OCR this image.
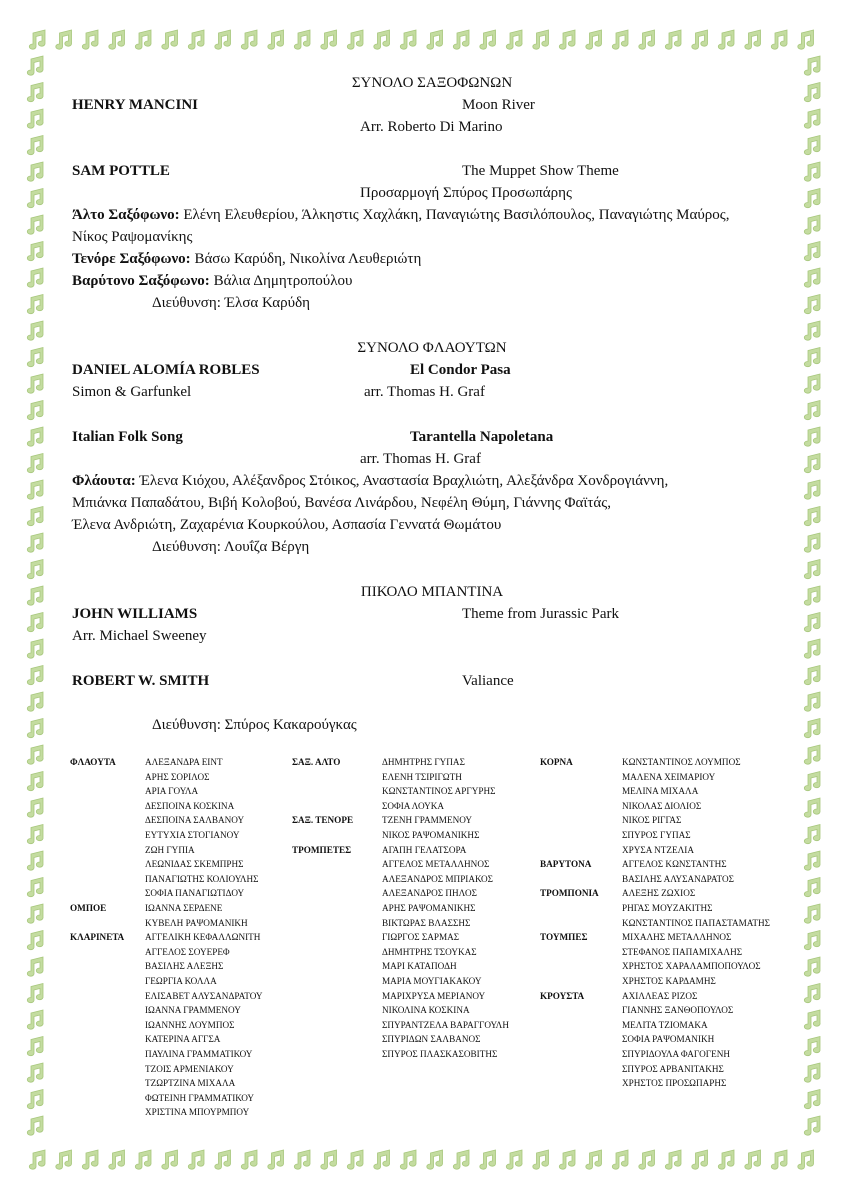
ΣΥΝΟΛΟ ΣΑΞΟΦΩΝΩΝ
HENRY MANCINI	Moon River
Arr. Roberto Di Marino
SAM POTTLE	The Muppet Show Theme
Προσαρμογή Σπύρος Προσωπάρης
Άλτο Σαξόφωνο: Ελένη Ελευθερίου, Άλκηστις Χαχλάκη, Παναγιώτης Βασιλόπουλος, Παναγιώτης Μαύρος,
Νίκος Ραψομανίκης
Τενόρε Σαξόφωνο: Βάσω Καρύδη, Νικολίνα Λευθεριώτη
Βαρύτονο Σαξόφωνο: Βάλια Δημητροπούλου
Διεύθυνση: Έλσα Καρύδη
ΣΥΝΟΛΟ ΦΛΑΟΥΤΩΝ
DANIEL ALOMÍA ROBLES	El Condor Pasa
Simon & Garfunkel	arr. Thomas H. Graf
Italian Folk Song	Tarantella Napoletana
arr. Thomas H. Graf
Φλάουτα: Έλενα Κιόχου, Αλέξανδρος Στόικος, Αναστασία Βραχλιώτη, Αλεξάνδρα Χονδρογιάννη,
Μπιάνκα Παπαδάτου, Βιβή Κολοβού, Βανέσα Λινάρδου, Νεφέλη Θύμη, Γιάννης Φαϊτάς,
Έλενα Ανδριώτη, Ζαχαρένια Κουρκούλου, Ασπασία Γεννατά Θωμάτου
Διεύθυνση: Λουΐζα Βέργη
ΠΙΚΟΛΟ ΜΠΑΝΤΙΝΑ
JOHN WILLIAMS	Theme from Jurassic Park
Arr. Michael Sweeney
ROBERT W. SMITH	Valiance
Διεύθυνση: Σπύρος Κακαρούγκας
ΦΛΑΟΥΤΑ	ΑΛΕΞΑΝΔΡΑ ΕΙΝΤ
ΑΡΗΣ ΣΟΡΙΛΟΣ
ΑΡΙΑ ΓΟΥΛΑ
ΔΕΣΠΟΙΝΑ ΚΟΣΚΙΝΑ
ΔΕΣΠΟΙΝΑ ΣΑΛΒΑΝΟΥ
ΕΥΤΥΧΙΑ ΣΤΟΓΙΑΝΟΥ
ΖΩΗ ΓΥΠΙΑ
ΛΕΩΝΙΔΑΣ ΣΚΕΜΠΡΗΣ
ΠΑΝΑΓΙΩΤΗΣ ΚΟΛΙΟΥΛΗΣ
ΣΟΦΙΑ ΠΑΝΑΓΙΩΤΙΔΟΥ
ΟΜΠΟΕ	ΙΩΑΝΝΑ ΣΕΡΔΕΝΕ
ΚΥΒΕΛΗ ΡΑΨΟΜΑΝΙΚΗ
ΚΛΑΡΙΝΕΤΑ ΑΓΓΕΛΙΚΗ ΚΕΦΑΛΛΩΝΙΤΗ
ΑΓΓΕΛΟΣ ΣΟΥΕΡΕΦ
ΒΑΣΙΛΗΣ ΑΛΕΞΗΣ
ΓΕΩΡΓΙΑ ΚΟΛΛΑ
ΕΛΙΣΑΒΕΤ ΑΛΥΣΑΝΔΡΑΤΟΥ
ΙΩΑΝΝΑ ΓΡΑΜΜΕΝΟΥ
ΙΩΑΝΝΗΣ ΛΟΥΜΠΟΣ
ΚΑΤΕΡΙΝΑ ΑΓΓΣΑ
ΠΑΥΛΙΝΑ ΓΡΑΜΜΑΤΙΚΟΥ
ΤΖΟΙΣ ΑΡΜΕΝΙΑΚΟΥ
ΤΖΩΡΤΖΙΝΑ ΜΙΧΑΛΑ
ΦΩΤΕΙΝΗ ΓΡΑΜΜΑΤΙΚΟΥ
ΧΡΙΣΤΙΝΑ ΜΠΟΥΡΜΠΟΥ
ΣΑΞ. ΑΛΤΟ	ΔΗΜΗΤΡΗΣ ΓΥΠΑΣ
ΕΛΕΝΗ ΤΣΙΡΙΓΩΤΗ
ΚΩΝΣΤΑΝΤΙΝΟΣ ΑΡΓΥΡΗΣ
ΣΟΦΙΑ ΛΟΥΚΑ
ΣΑΞ. ΤΕΝΟΡΕ	ΤΖΕΝΗ ΓΡΑΜΜΕΝΟΥ
ΝΙΚΟΣ ΡΑΨΟΜΑΝΙΚΗΣ
ΤΡΟΜΠΕΤΕΣ	ΑΓΑΠΗ ΓΕΛΑΤΣΟΡΑ
ΑΓΓΕΛΟΣ ΜΕΤΑΛΛΗΝΟΣ
ΑΛΕΞΑΝΔΡΟΣ ΜΠΡΙΑΚΟΣ
ΑΛΕΞΑΝΔΡΟΣ ΠΗΛΟΣ
ΑΡΗΣ ΡΑΨΟΜΑΝΙΚΗΣ
ΒΙΚΤΩΡΑΣ ΒΛΑΣΣΗΣ
ΓΙΩΡΓΟΣ ΣΑΡΜΑΣ
ΔΗΜΗΤΡΗΣ ΤΣΟΥΚΑΣ
ΜΑΡΙ ΚΑΤΑΠΟΔΗ
ΜΑΡΙΑ ΜΟΥΓΙΑΚΑΚΟΥ
ΜΑΡΙΧΡΥΣΑ ΜΕΡΙΑΝΟΥ
ΝΙΚΟΛΙΝΑ ΚΟΣΚΙΝΑ
ΣΠΥΡΑΝΤΖΕΛΑ ΒΑΡΑΓΓΟΥΛΗ
ΣΠΥΡΙΔΩΝ ΣΑΛΒΑΝΟΣ
ΣΠΥΡΟΣ ΠΛΑΣΚΑΣΟΒΙΤΗΣ
ΚΟΡΝΑ	ΚΩΝΣΤΑΝΤΙΝΟΣ ΛΟΥΜΠΟΣ
ΜΑΛΕΝΑ ΧΕΙΜΑΡΙΟΥ
ΜΕΛΙΝΑ ΜΙΧΑΛΑ
ΝΙΚΟΛΑΣ ΔΙΟΛΙΟΣ
ΝΙΚΟΣ ΡΙΓΓΑΣ
ΣΠΥΡΟΣ ΓΥΠΑΣ
ΧΡΥΣΑ ΝΤΖΕΛΙΑ
ΒΑΡΥΤΟΝΑ	ΑΓΓΕΛΟΣ ΚΩΝΣΤΑΝΤΗΣ
ΒΑΣΙΛΗΣ ΑΛΥΣΑΝΔΡΑΤΟΣ
ΤΡΟΜΠΟΝΙΑ	ΑΛΕΞΗΣ ΖΩΧΙΟΣ
ΡΗΓΑΣ ΜΟΥΖΑΚΙΤΗΣ
ΚΩΝΣΤΑΝΤΙΝΟΣ ΠΑΠΑΣΤΑΜΑΤΗΣ
ΤΟΥΜΠΕΣ	ΜΙΧΑΛΗΣ ΜΕΤΑΛΛΗΝΟΣ
ΣΤΕΦΑΝΟΣ ΠΑΠΑΜΙΧΑΛΗΣ
ΧΡΗΣΤΟΣ ΧΑΡΑΛΑΜΠΟΠΟΥΛΟΣ
ΧΡΗΣΤΟΣ ΚΑΡΔΑΜΗΣ
ΚΡΟΥΣΤΑ	ΑΧΙΛΛΕΑΣ ΡΙΖΟΣ
ΓΙΑΝΝΗΣ ΞΑΝΘΟΠΟΥΛΟΣ
ΜΕΛΙΤΑ ΤΖΙΟΜΑΚΑ
ΣΟΦΙΑ ΡΑΨΟΜΑΝΙΚΗ
ΣΠΥΡΙΔΟΥΛΑ ΦΑΓΟΓΕΝΗ
ΣΠΥΡΟΣ ΑΡΒΑΝΙΤΑΚΗΣ
ΧΡΗΣΤΟΣ ΠΡΟΣΩΠΑΡΗΣ
